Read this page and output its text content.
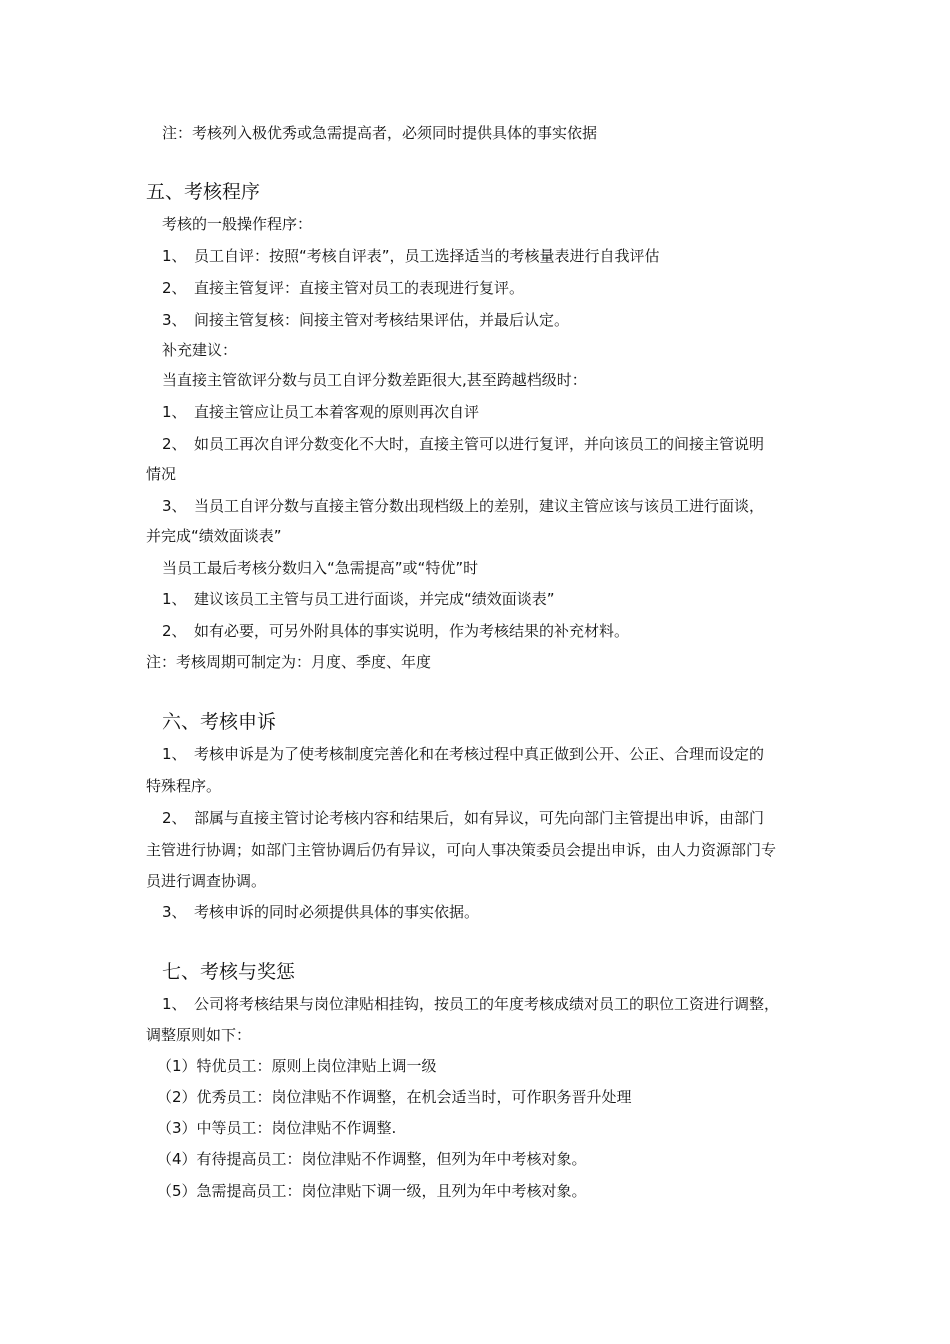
注：考核列入极优秀或急需提高者，必须同时提供具体的事实依据
五、考核程序
考核的一般操作程序：
1、 员工自评：按照“考核自评表”，员工选择适当的考核量表进行自我评估
2、 直接主管复评：直接主管对员工的表现进行复评。
3、 间接主管复核：间接主管对考核结果评估，并最后认定。
补充建议：
当直接主管欲评分数与员工自评分数差距很大,甚至跨越档级时：
1、 直接主管应让员工本着客观的原则再次自评
2、 如员工再次自评分数变化不大时，直接主管可以进行复评，并向该员工的间接主管说明
情况
3、 当员工自评分数与直接主管分数出现档级上的差别，建议主管应该与该员工进行面谈，
并完成“绩效面谈表”
当员工最后考核分数归入“急需提高”或“特优”时
1、 建议该员工主管与员工进行面谈，并完成“绩效面谈表”
2、 如有必要，可另外附具体的事实说明，作为考核结果的补充材料。
注：考核周期可制定为：月度、季度、年度
六、考核申诉
1、 考核申诉是为了使考核制度完善化和在考核过程中真正做到公开、公正、合理而设定的
特殊程序。
2、 部属与直接主管讨论考核内容和结果后，如有异议，可先向部门主管提出申诉，由部门
主管进行协调；如部门主管协调后仍有异议，可向人事决策委员会提出申诉，由人力资源部门专
员进行调查协调。
3、 考核申诉的同时必须提供具体的事实依据。
七、考核与奖惩
1、 公司将考核结果与岗位津贴相挂钩，按员工的年度考核成绩对员工的职位工资进行调整，
调整原则如下：
（1）特优员工：原则上岗位津贴上调一级
（2）优秀员工：岗位津贴不作调整，在机会适当时，可作职务晋升处理
（3）中等员工：岗位津贴不作调整.
（4）有待提高员工：岗位津贴不作调整，但列为年中考核对象。
（5）急需提高员工：岗位津贴下调一级，且列为年中考核对象。
